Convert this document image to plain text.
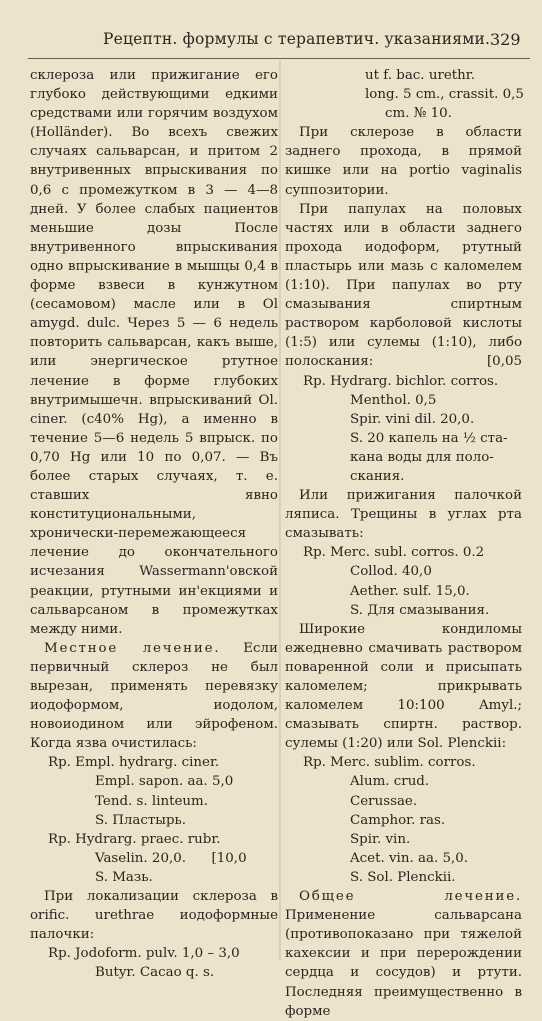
Рецептн. формулы с терапевтич. указаниями. 329

склероза или прижигание его глубоко действующими едкими средствами или горячим воздухом (Holländer). Во всехъ свежих случаях сальварсан, и притом 2 внутривенных впрыскивания по 0,6 с промежутком в 3 — 4—8 дней. У более слабых пациентов меньшие дозы После внутривенного впрыскивания одно впрыскивание в мышцы 0,4 в форме взвеси в кунжутном (сесамовом) масле или в Ol amygd. dulc. Через 5 — 6 недель повторить сальварсан, какъ выше, или энергическое ртутное лечение в форме глубоких внутримышечн. впрыскиваний Ol. ciner. (с40% Hg), а именно в течение 5—6 недель 5 впрыск. по 0,70 Hg или 10 по 0,07. — Въ более старых случаях, т. е. ставших явно конституциональными, хронически-перемежающееся лечение до окончательного исчезания Wassermann'овской реакции, ртутными ин'екциями и сальварсаном в промежутках между ними.

Местное лечение. Если первичный склероз не был вырезан, применять перевязку иодоформом, иодолом, новоиодином или эйрофеном. Когда язва очистилась:

Rp. Empl. hydrarg. ciner.
Empl. sapon. aa. 5,0
Tend. s. linteum.
S. Пластырь.
Rp. Hydrarg. praec. rubr.
Vaselin. 20,0. [10,0
S. Мазь.

При локализации склероза в orific. urethrae иодоформные палочки:

Rp. Jodoform. pulv. 1,0 – 3,0
Butyr. Cacao q. s.
ut f. bac. urethr.
long. 5 cm., crassit. 0,5
cm. № 10.

При склерозе в области заднего прохода, в прямой кишке или на portio vaginalis суппозитории.

При папулах на половых частях или в области заднего прохода иодоформ, ртутный пластырь или мазь с каломелем (1:10). При папулах во рту смазывания спиртным раствором карболовой кислоты (1:5) или сулемы (1:10), либо полоскания:	[0,05

Rp. Hydrarg. bichlor. corros.
Menthol. 0,5
Spir. vini dil. 20,0.
S. 20 капель на ½ ста-
кана воды для поло-
скания.

Или прижигания палочкой ляписа. Трещины в углах рта смазывать:

Rp. Merc. subl. corros. 0.2
Collod. 40,0
Aether. sulf. 15,0.
S. Для смазывания.

Широкие кондиломы ежедневно смачивать раствором поваренной соли и присыпать каломелем; прикрывать каломелем 10:100 Amyl.; смазывать спиртн. раствор. сулемы (1:20) или Sol. Plenckii:

Rp. Merc. sublim. corros.
Alum. crud.
Cerussae.
Camphor. ras.
Spir. vin.
Acet. vin. aa. 5,0.
S. Sol. Plenckii.

Общее лечение. Применение сальварсана (противопоказано при тяжелой кахексии и при перерождении сердца и сосудов) и ртути. Последняя преимущественно в форме
